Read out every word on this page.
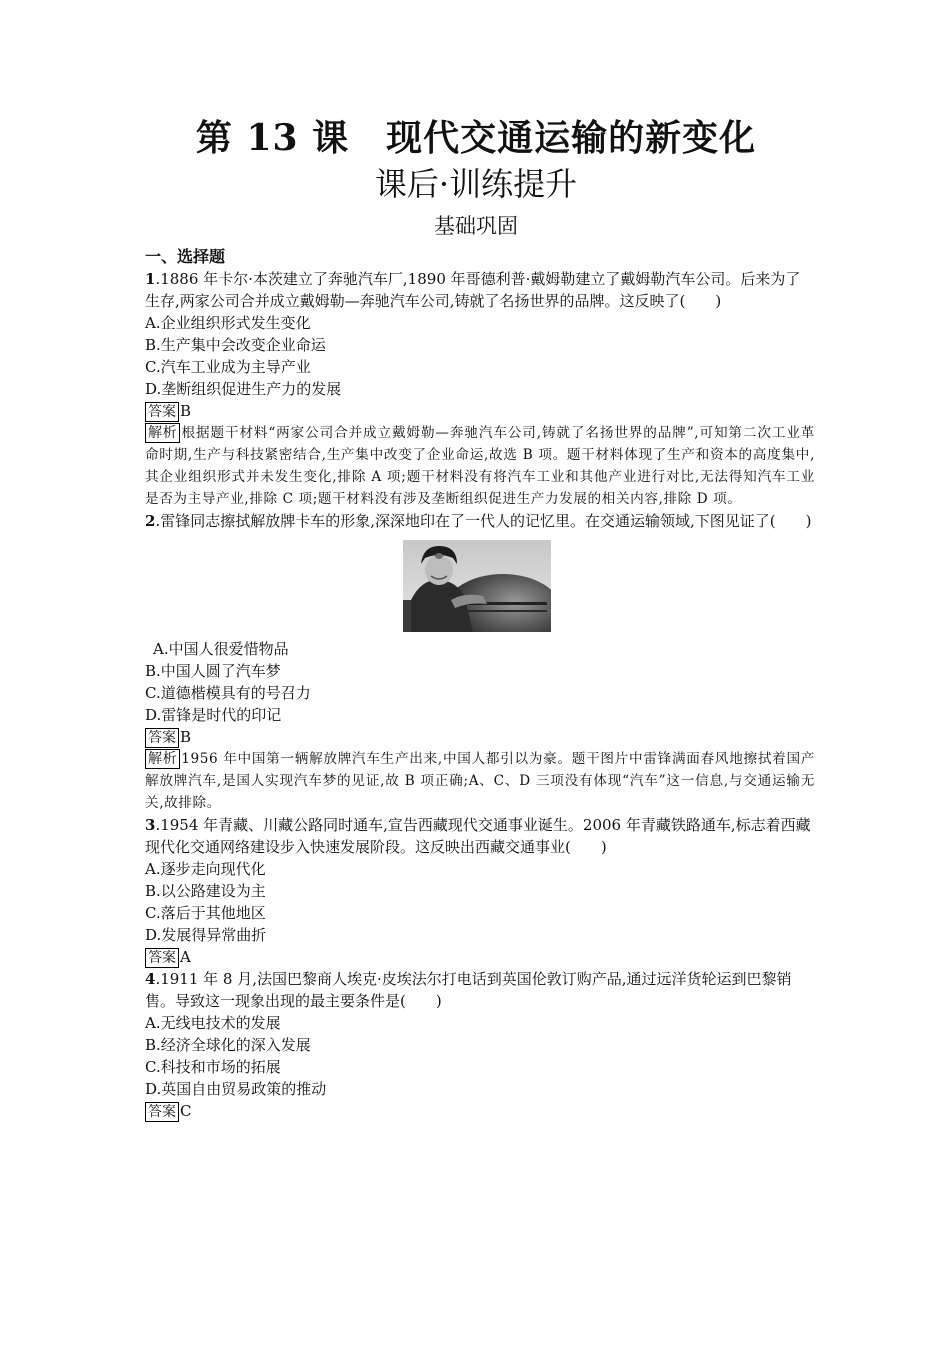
第 13 课　现代交通运输的新变化
课后·训练提升
基础巩固
一、选择题

1.1886 年卡尔·本茨建立了奔驰汽车厂,1890 年哥德利普·戴姆勒建立了戴姆勒汽车公司。后来为了生存,两家公司合并成立戴姆勒—奔驰汽车公司,铸就了名扬世界的品牌。这反映了(　　)

A.企业组织形式发生变化

B.生产集中会改变企业命运

C.汽车工业成为主导产业

D.垄断组织促进生产力的发展

答案 B

解析 根据题干材料“两家公司合并成立戴姆勒—奔驰汽车公司,铸就了名扬世界的品牌”,可知第二次工业革命时期,生产与科技紧密结合,生产集中改变了企业命运,故选 B 项。题干材料体现了生产和资本的高度集中,其企业组织形式并未发生变化,排除 A 项;题干材料没有将汽车工业和其他产业进行对比,无法得知汽车工业是否为主导产业,排除 C 项;题干材料没有涉及垄断组织促进生产力发展的相关内容,排除 D 项。

2.雷锋同志擦拭解放牌卡车的形象,深深地印在了一代人的记忆里。在交通运输领域,下图见证了(　　)

A.中国人很爱惜物品

B.中国人圆了汽车梦

C.道德楷模具有的号召力

D.雷锋是时代的印记

答案 B

解析 1956 年中国第一辆解放牌汽车生产出来,中国人都引以为豪。题干图片中雷锋满面春风地擦拭着国产解放牌汽车,是国人实现汽车梦的见证,故 B 项正确;A、C、D 三项没有体现“汽车”这一信息,与交通运输无关,故排除。

3.1954 年青藏、川藏公路同时通车,宣告西藏现代交通事业诞生。2006 年青藏铁路通车,标志着西藏现代化交通网络建设步入快速发展阶段。这反映出西藏交通事业(　　)

A.逐步走向现代化

B.以公路建设为主

C.落后于其他地区

D.发展得异常曲折

答案 A

4.1911 年 8 月,法国巴黎商人埃克·皮埃法尔打电话到英国伦敦订购产品,通过远洋货轮运到巴黎销售。导致这一现象出现的最主要条件是(　　)

A.无线电技术的发展

B.经济全球化的深入发展

C.科技和市场的拓展

D.英国自由贸易政策的推动

答案 C
